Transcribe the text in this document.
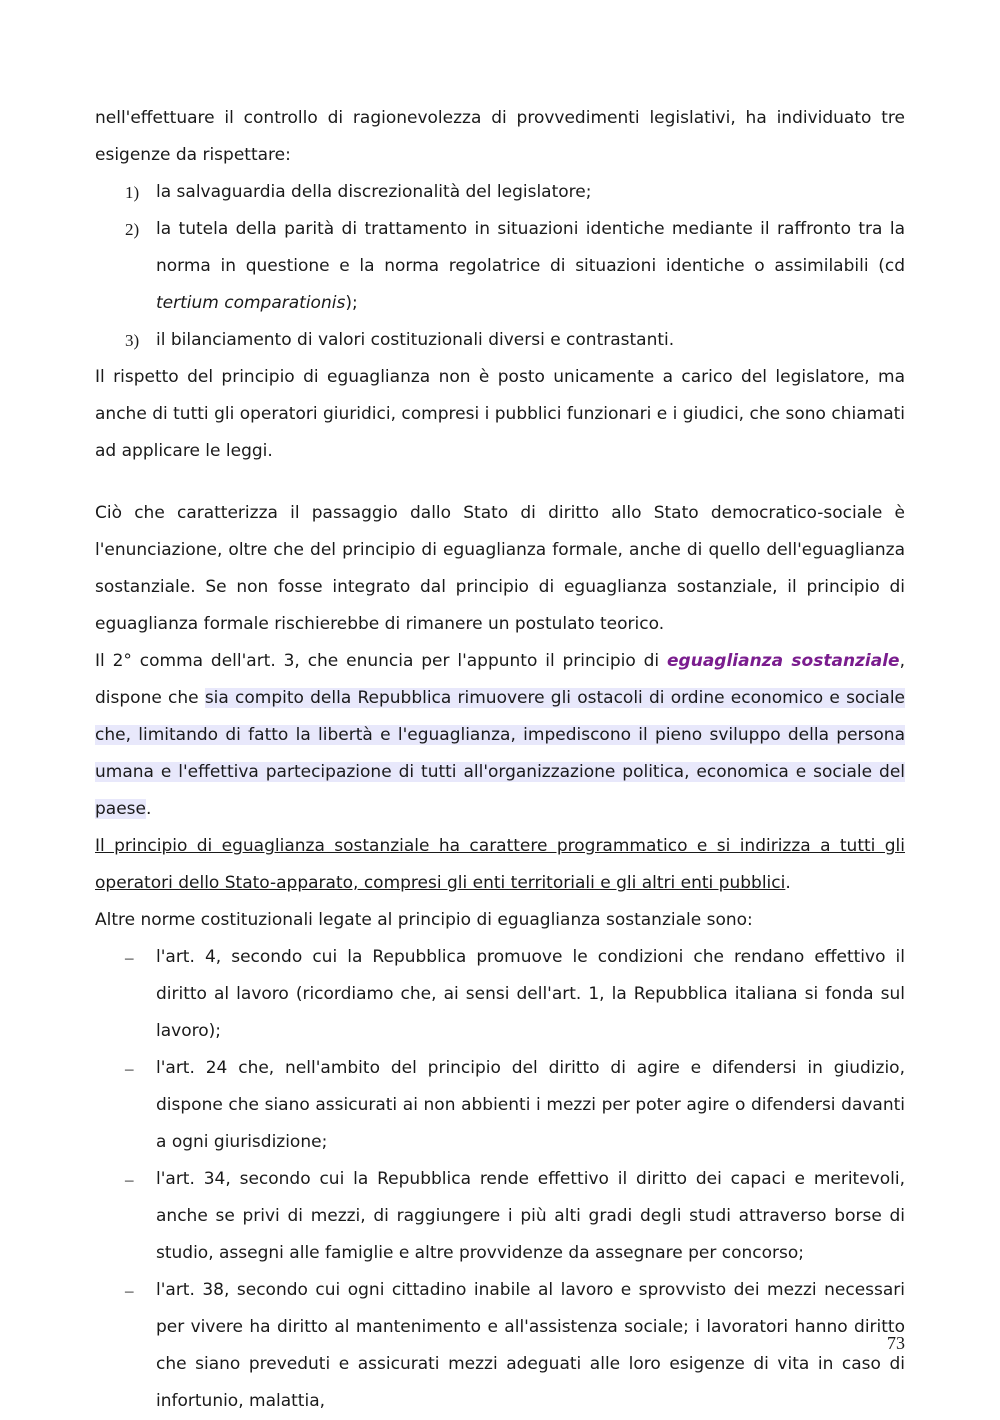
nell'effettuare il controllo di ragionevolezza di provvedimenti legislativi, ha individuato tre esigenze da rispettare:

1) la salvaguardia della discrezionalità del legislatore;
2) la tutela della parità di trattamento in situazioni identiche mediante il raffronto tra la norma in questione e la norma regolatrice di situazioni identiche o assimilabili (cd tertium comparationis);
3) il bilanciamento di valori costituzionali diversi e contrastanti.

Il rispetto del principio di eguaglianza non è posto unicamente a carico del legislatore, ma anche di tutti gli operatori giuridici, compresi i pubblici funzionari e i giudici, che sono chiamati ad applicare le leggi.

Ciò che caratterizza il passaggio dallo Stato di diritto allo Stato democratico-sociale è l'enunciazione, oltre che del principio di eguaglianza formale, anche di quello dell'eguaglianza sostanziale. Se non fosse integrato dal principio di eguaglianza sostanziale, il principio di eguaglianza formale rischierebbe di rimanere un postulato teorico.

Il 2° comma dell'art. 3, che enuncia per l'appunto il principio di eguaglianza sostanziale, dispone che sia compito della Repubblica rimuovere gli ostacoli di ordine economico e sociale che, limitando di fatto la libertà e l'eguaglianza, impediscono il pieno sviluppo della persona umana e l'effettiva partecipazione di tutti all'organizzazione politica, economica e sociale del paese.

Il principio di eguaglianza sostanziale ha carattere programmatico e si indirizza a tutti gli operatori dello Stato-apparato, compresi gli enti territoriali e gli altri enti pubblici.

Altre norme costituzionali legate al principio di eguaglianza sostanziale sono:

– l'art. 4, secondo cui la Repubblica promuove le condizioni che rendano effettivo il diritto al lavoro (ricordiamo che, ai sensi dell'art. 1, la Repubblica italiana si fonda sul lavoro);
– l'art. 24 che, nell'ambito del principio del diritto di agire e difendersi in giudizio, dispone che siano assicurati ai non abbienti i mezzi per poter agire o difendersi davanti a ogni giurisdizione;
– l'art. 34, secondo cui la Repubblica rende effettivo il diritto dei capaci e meritevoli, anche se privi di mezzi, di raggiungere i più alti gradi degli studi attraverso borse di studio, assegni alle famiglie e altre provvidenze da assegnare per concorso;
– l'art. 38, secondo cui ogni cittadino inabile al lavoro e sprovvisto dei mezzi necessari per vivere ha diritto al mantenimento e all'assistenza sociale; i lavoratori hanno diritto che siano preveduti e assicurati mezzi adeguati alle loro esigenze di vita in caso di infortunio, malattia,
73
